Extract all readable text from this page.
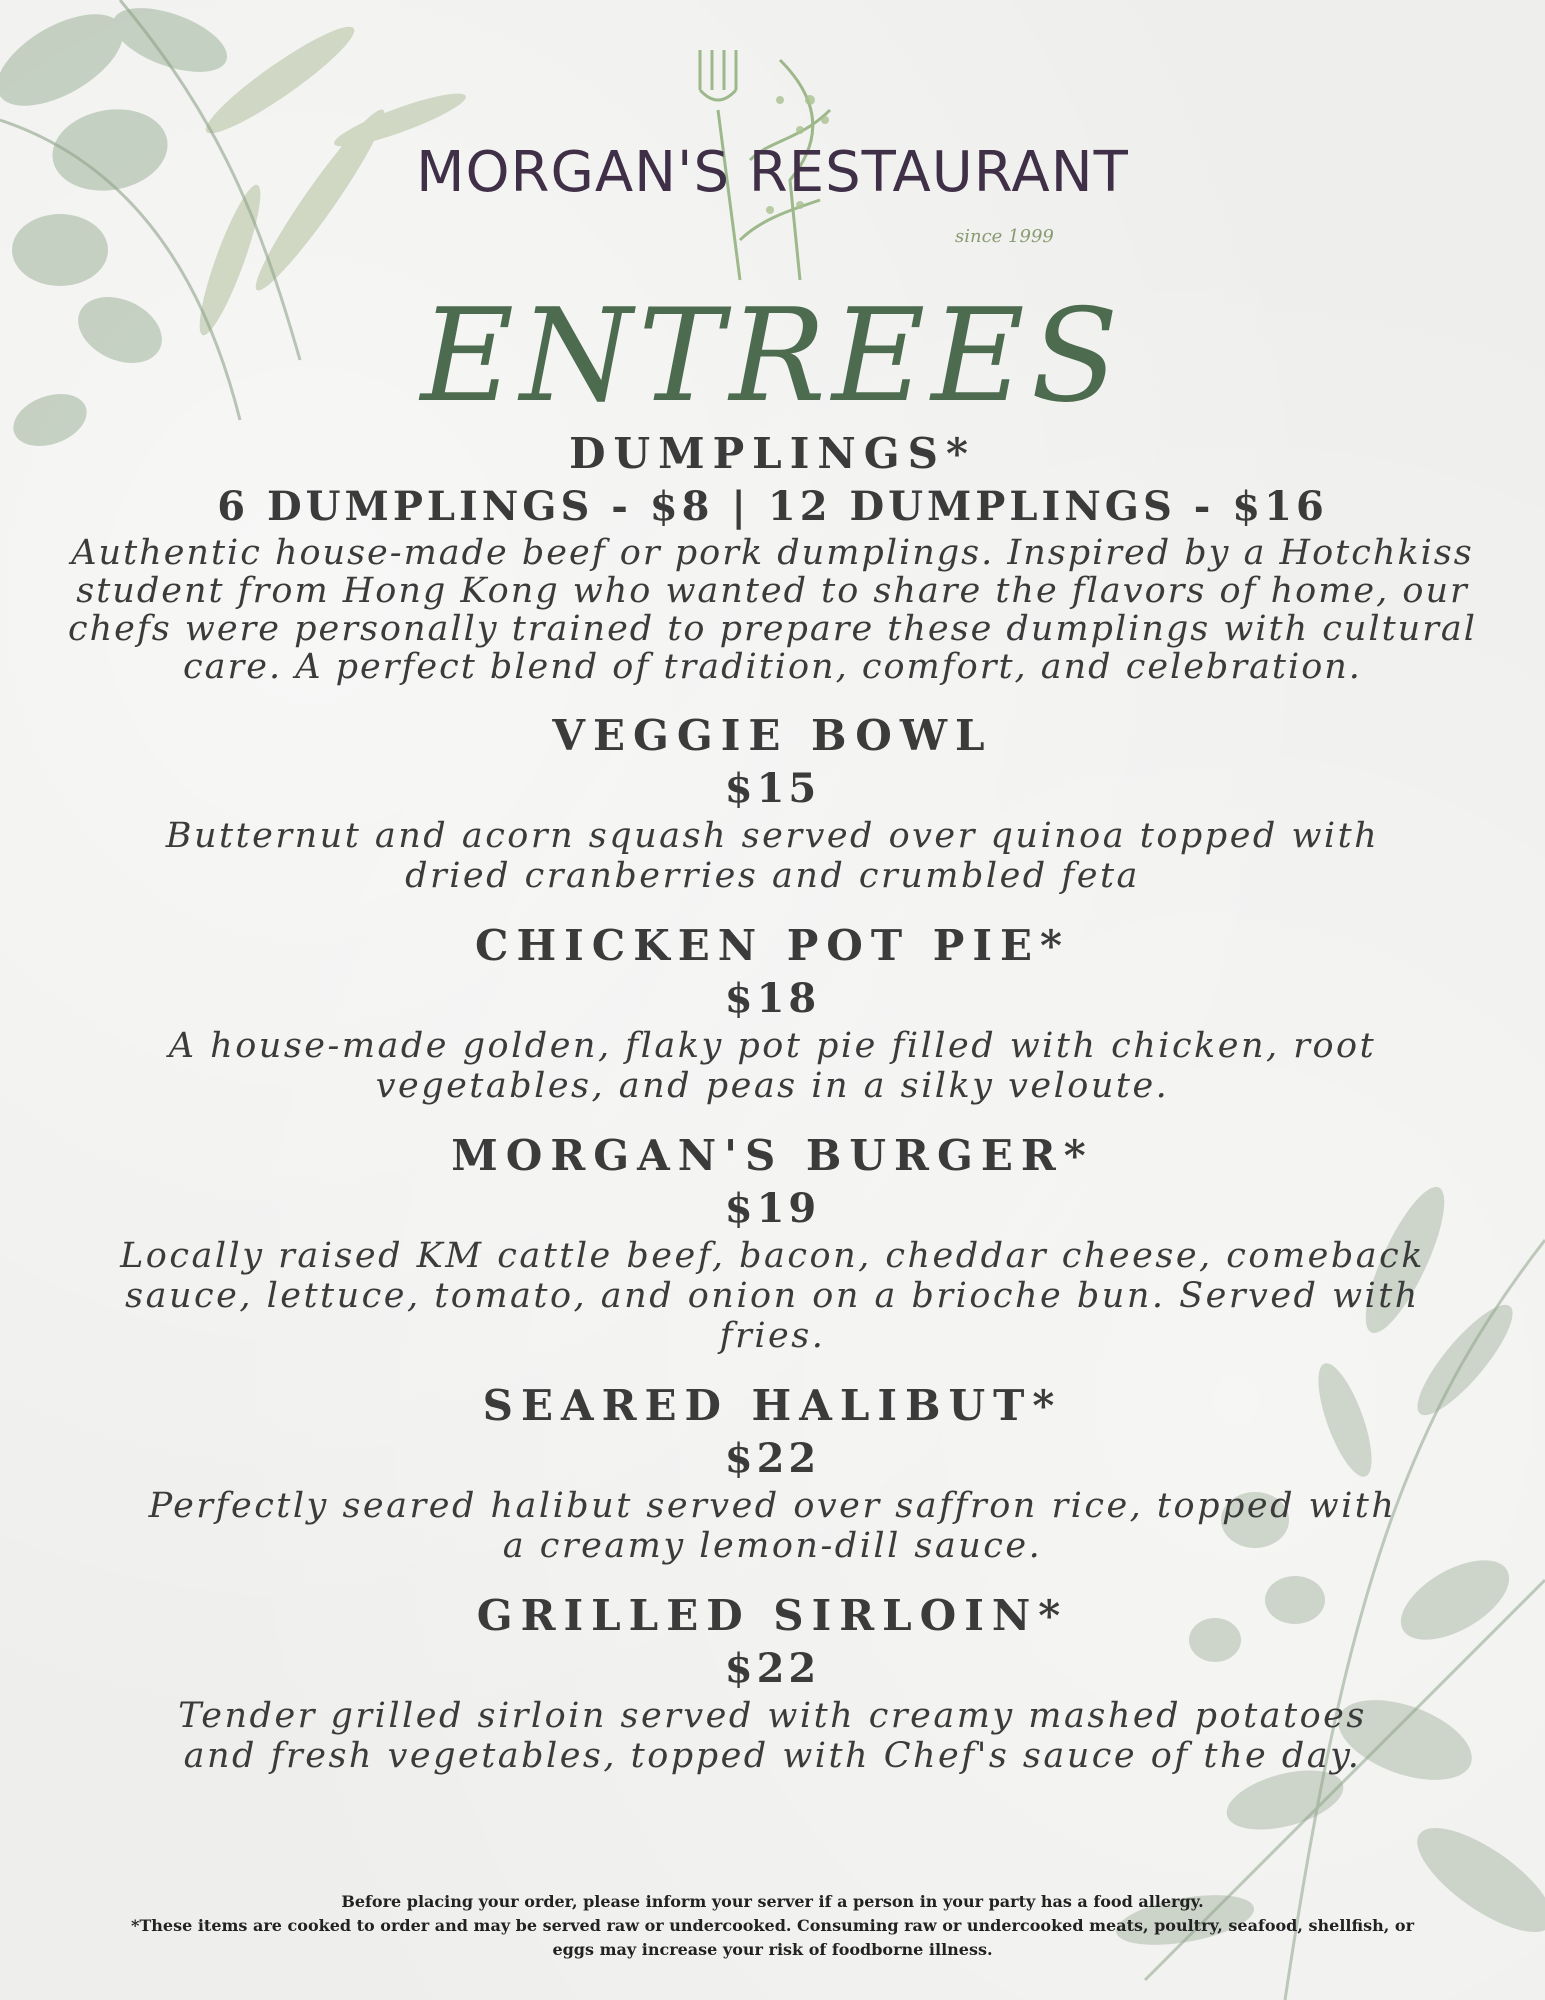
MORGAN'S RESTAURANT
since 1999
ENTREES

DUMPLINGS*

6 DUMPLINGS - $8 | 12 DUMPLINGS - $16

Authentic house-made beef or pork dumplings. Inspired by a Hotchkiss student from Hong Kong who wanted to share the flavors of home, our chefs were personally trained to prepare these dumplings with cultural care. A perfect blend of tradition, comfort, and celebration.

VEGGIE BOWL

$15

Butternut and acorn squash served over quinoa topped with dried cranberries and crumbled feta

CHICKEN POT PIE*

$18

A house-made golden, flaky pot pie filled with chicken, root vegetables, and peas in a silky veloute.

MORGAN'S BURGER*

$19

Locally raised KM cattle beef, bacon, cheddar cheese, comeback sauce, lettuce, tomato, and onion on a brioche bun. Served with fries.

SEARED HALIBUT*

$22

Perfectly seared halibut served over saffron rice, topped with a creamy lemon-dill sauce.

GRILLED SIRLOIN*

$22

Tender grilled sirloin served with creamy mashed potatoes and fresh vegetables, topped with Chef's sauce of the day.

Before placing your order, please inform your server if a person in your party has a food allergy.

*These items are cooked to order and may be served raw or undercooked. Consuming raw or undercooked meats, poultry, seafood, shellfish, or eggs may increase your risk of foodborne illness.
